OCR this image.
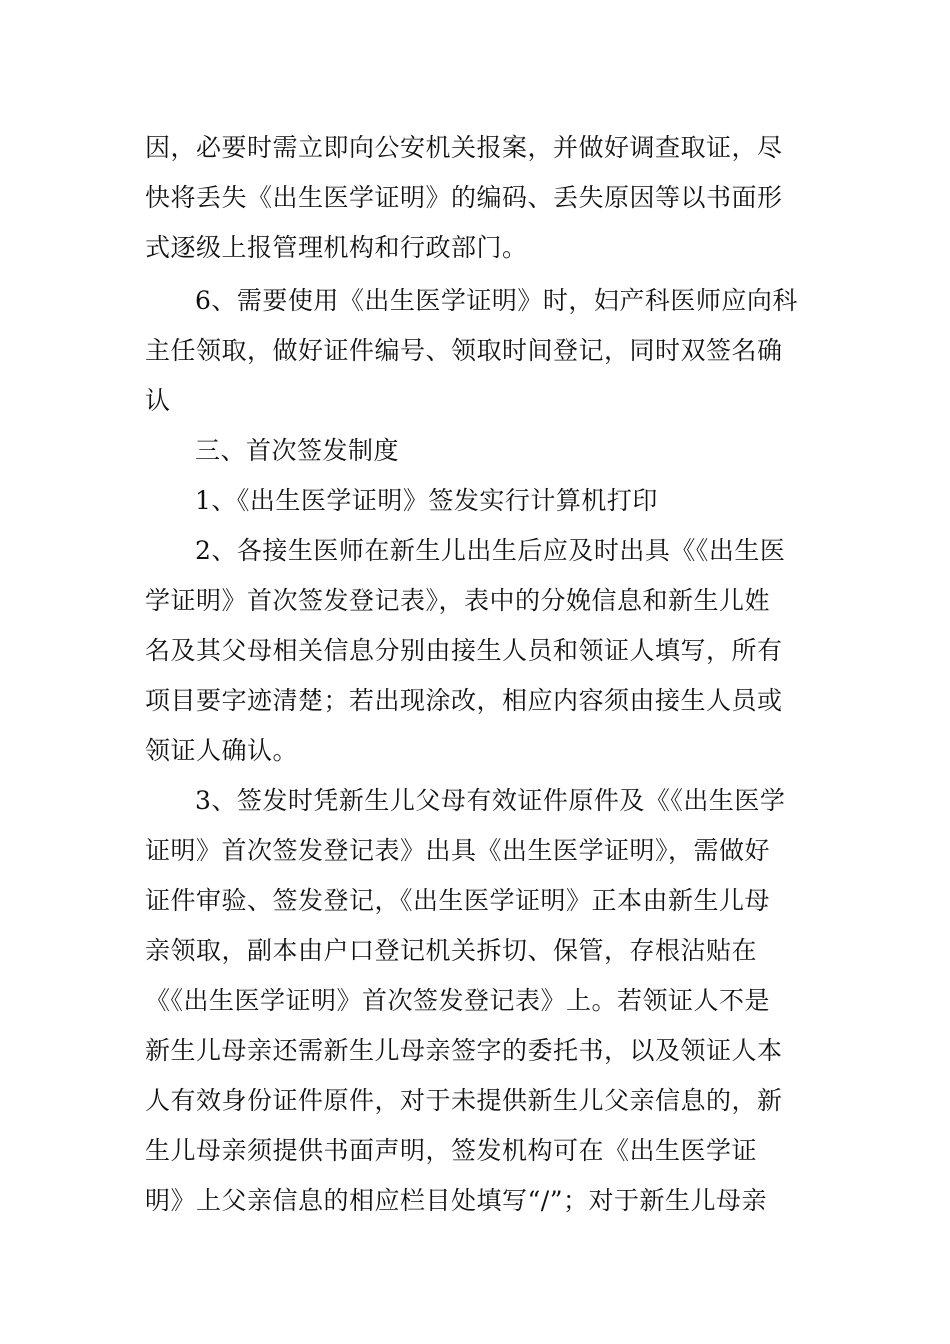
因，必要时需立即向公安机关报案，并做好调查取证，尽
快将丢失《出生医学证明》的编码、丢失原因等以书面形
式逐级上报管理机构和行政部门。
6、需要使用《出生医学证明》时，妇产科医师应向科
主任领取，做好证件编号、领取时间登记，同时双签名确
认
三、首次签发制度
1、《出生医学证明》签发实行计算机打印
2、各接生医师在新生儿出生后应及时出具《《出生医
学证明》首次签发登记表》，表中的分娩信息和新生儿姓
名及其父母相关信息分别由接生人员和领证人填写，所有
项目要字迹清楚；若出现涂改，相应内容须由接生人员或
领证人确认。
3、签发时凭新生儿父母有效证件原件及《《出生医学
证明》首次签发登记表》出具《出生医学证明》，需做好
证件审验、签发登记，《出生医学证明》正本由新生儿母
亲领取，副本由户口登记机关拆切、保管，存根沾贴在
《《出生医学证明》首次签发登记表》上。若领证人不是
新生儿母亲还需新生儿母亲签字的委托书，以及领证人本
人有效身份证件原件，对于未提供新生儿父亲信息的，新
生儿母亲须提供书面声明，签发机构可在《出生医学证
明》上父亲信息的相应栏目处填写“/”；对于新生儿母亲
